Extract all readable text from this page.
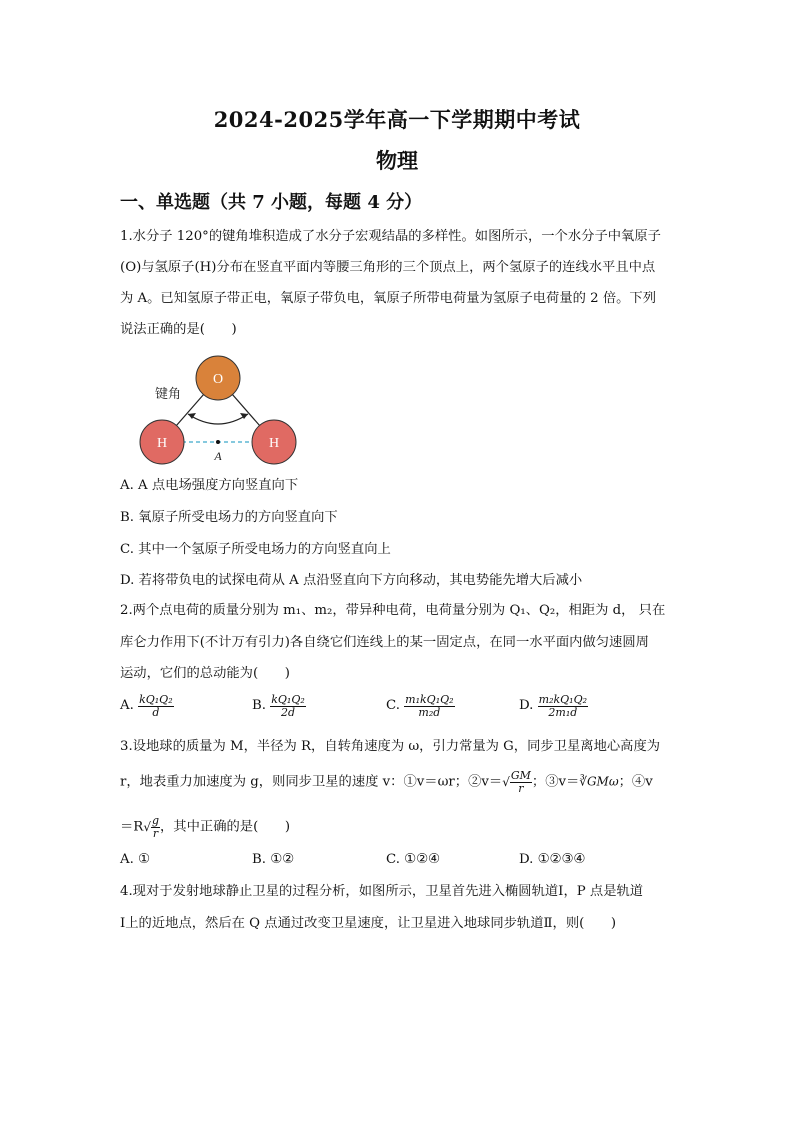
2024-2025学年高一下学期期中考试
物理
一、单选题（共 7 小题，每题 4 分）
1.水分子 120°的键角堆积造成了水分子宏观结晶的多样性。如图所示，一个水分子中氧原子
(O)与氢原子(H)分布在竖直平面内等腰三角形的三个顶点上，两个氢原子的连线水平且中点
为 A。已知氢原子带正电，氧原子带负电，氧原子所带电荷量为氢原子电荷量的 2 倍。下列
说法正确的是(　　)
O
H	H
键角
A
A. A 点电场强度方向竖直向下
B. 氧原子所受电场力的方向竖直向下
C. 其中一个氢原子所受电场力的方向竖直向上
D. 若将带负电的试探电荷从 A 点沿竖直向下方向移动，其电势能先增大后减小
2.两个点电荷的质量分别为 m₁、m₂，带异种电荷，电荷量分别为 Q₁、Q₂，相距为 d， 只在
库仑力作用下(不计万有引力)各自绕它们连线上的某一固定点，在同一水平面内做匀速圆周
运动，它们的总动能为(　　)
A. $\frac{\text{kQ₁Q₂}}{d}$	B. $\frac{\text{kQ₁Q₂}}{2d}$	C. $\frac{\text{m₁kQ₁Q₂}}{\text{m₂d}}$	D. $\frac{\text{m₂kQ₁Q₂}}{\text{2m₁d}}$
3.设地球的质量为 M，半径为 R，自转角速度为 ω，引力常量为 G，同步卫星离地心高度为
r，地表重力加速度为 g，则同步卫星的速度 v：①v＝ωr；②v＝√ $\frac{GM}{r}$ ；③v＝∛GMω；④v
$=R√ \frac{g}{r}$ ，其中正确的是(　　)
A. ①	B. ①②	C. ①②④	D. ①②③④
4.现对于发射地球静止卫星的过程分析，如图所示，卫星首先进入椭圆轨道Ⅰ，P 点是轨道
Ⅰ上的近地点，然后在 Q 点通过改变卫星速度，让卫星进入地球同步轨道Ⅱ，则(　　)
